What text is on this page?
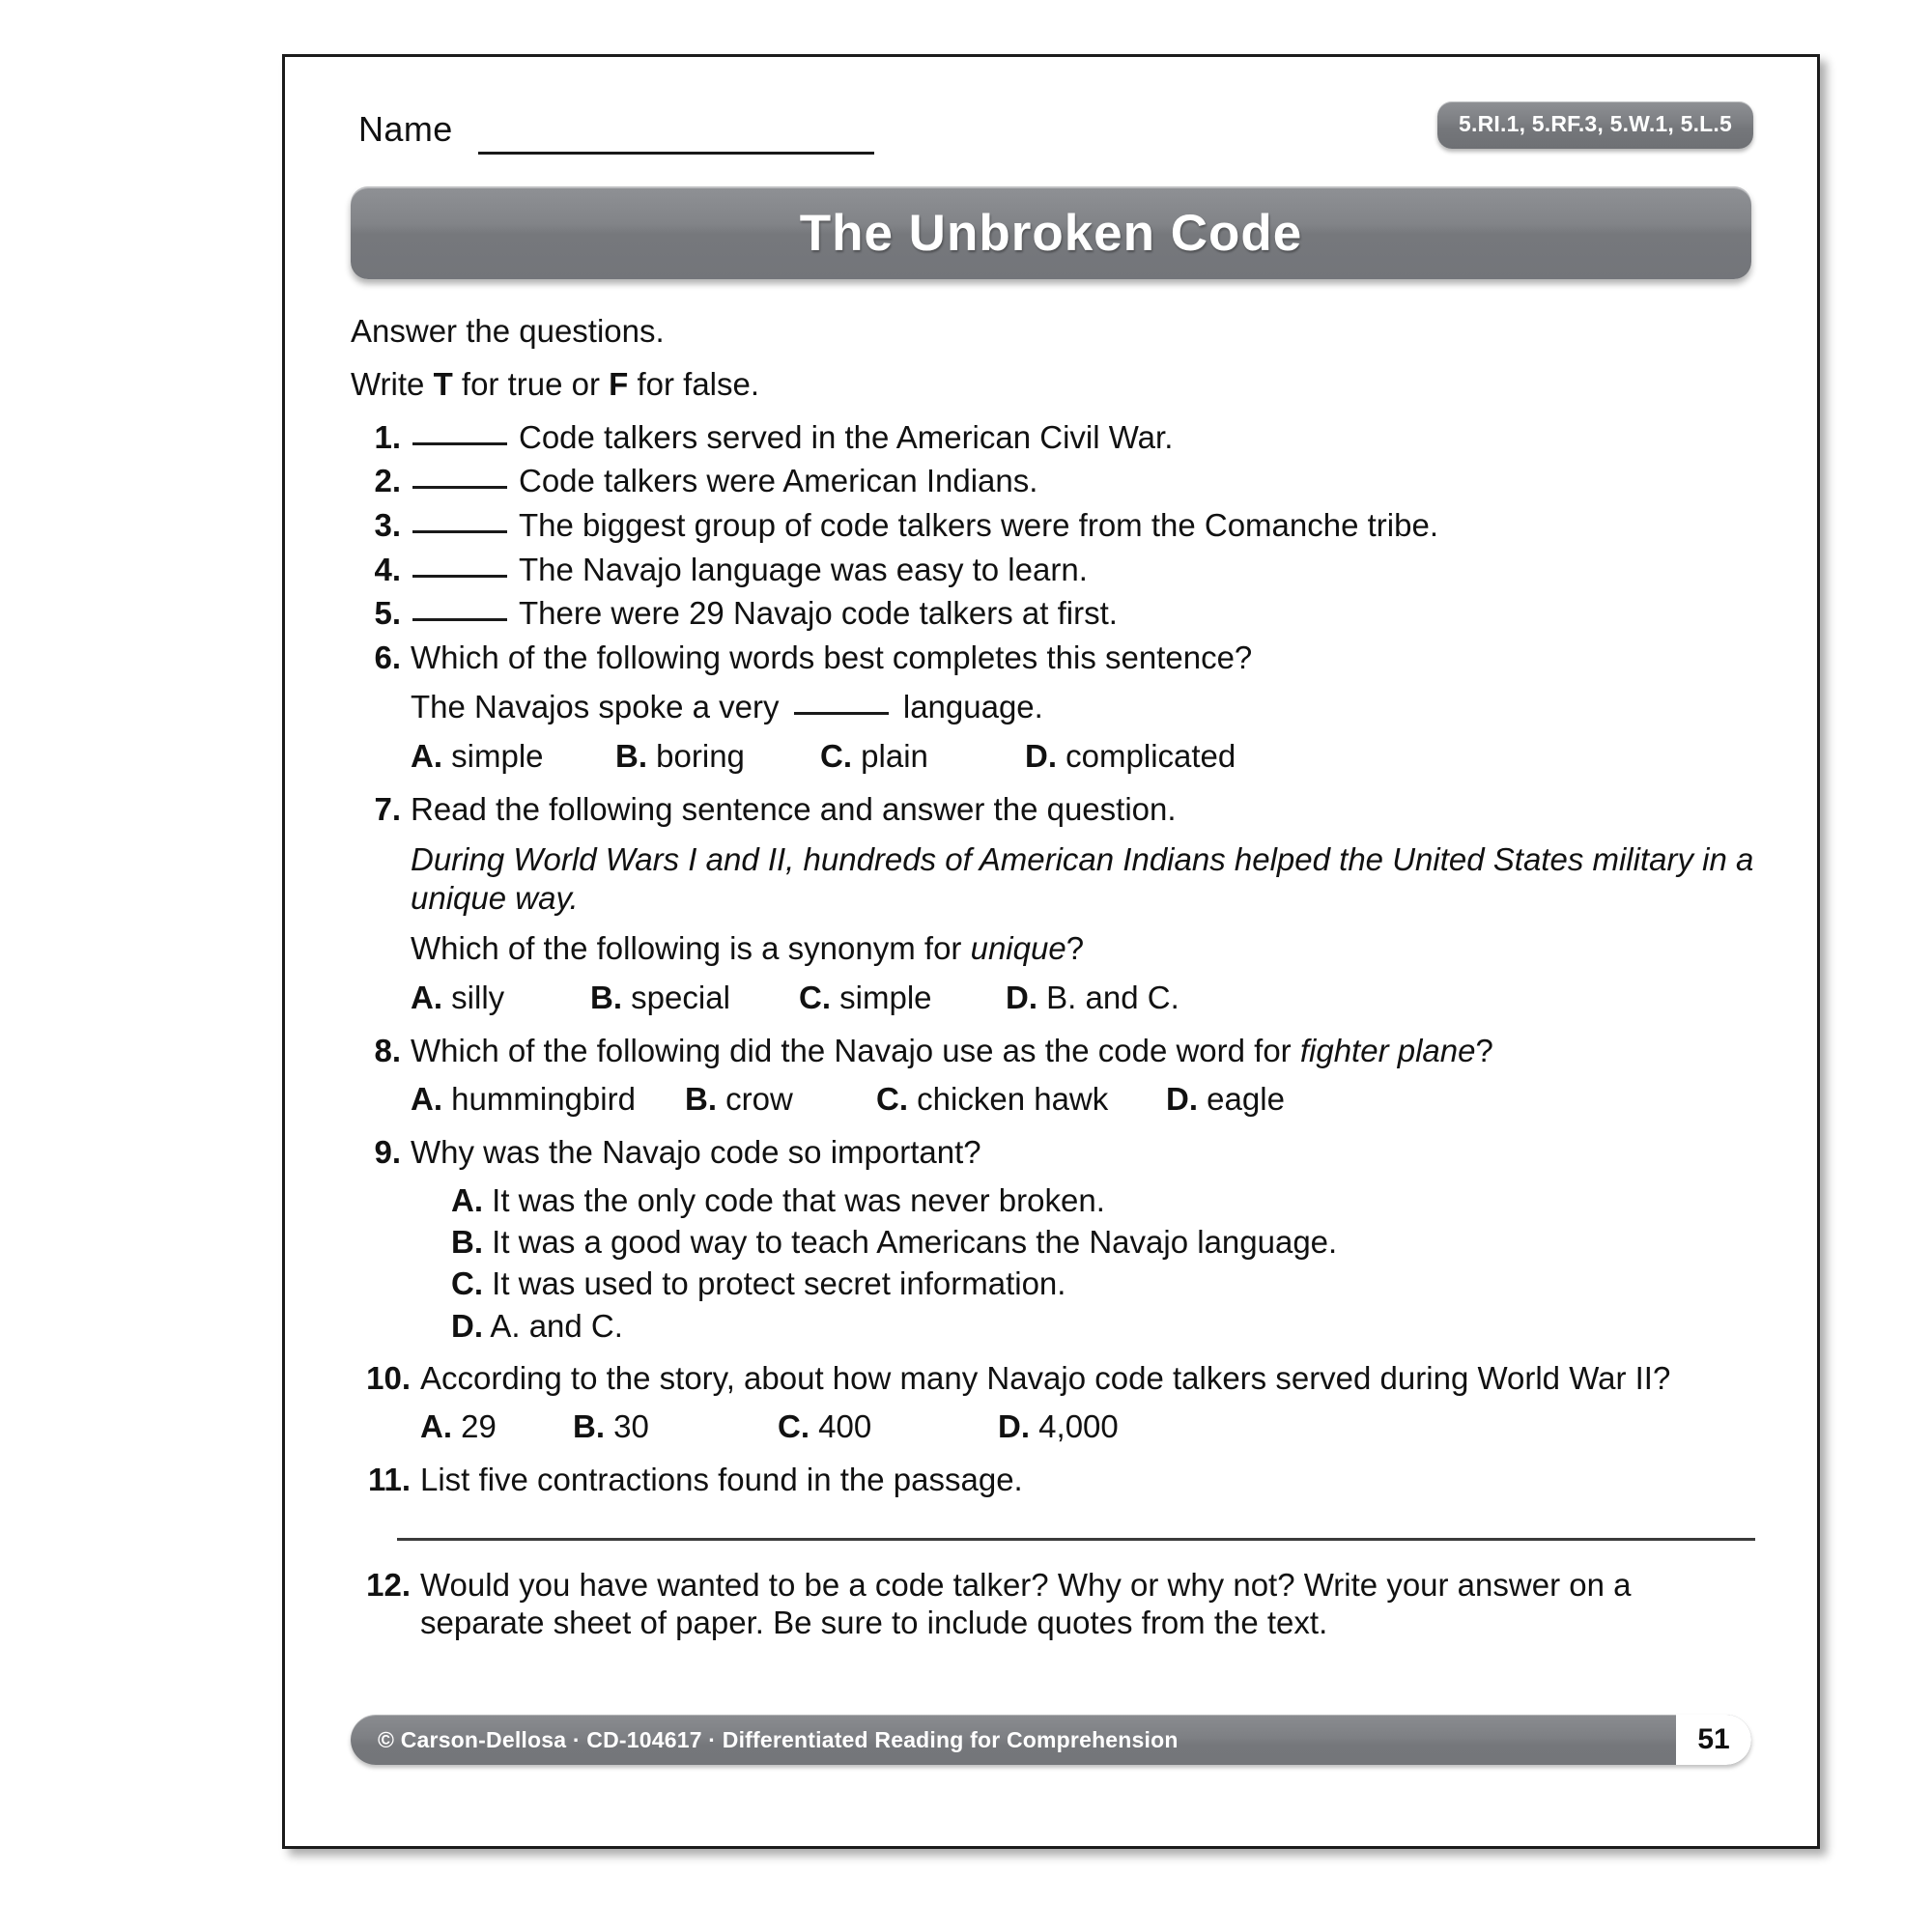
Name	5.RI.1, 5.RF.3, 5.W.1, 5.L.5
The Unbroken Code
Answer the questions.
Write T for true or F for false.
1.	Code talkers served in the American Civil War.
2.	Code talkers were American Indians.
3.	The biggest group of code talkers were from the Comanche tribe.
4.	The Navajo language was easy to learn.
5.	There were 29 Navajo code talkers at first.
6. Which of the following words best completes this sentence?
The Navajos spoke a very	language.
A. simple	B. boring	C. plain	D. complicated
7. Read the following sentence and answer the question.
During World Wars I and II, hundreds of American Indians helped the United States military in a unique way.
Which of the following is a synonym for unique?
A. silly	B. special	C. simple	D. B. and C.
8. Which of the following did the Navajo use as the code word for fighter plane?
A. hummingbird	B. crow	C. chicken hawk	D. eagle
9. Why was the Navajo code so important?
A. It was the only code that was never broken.
B. It was a good way to teach Americans the Navajo language.
C. It was used to protect secret information.
D. A. and C.
10. According to the story, about how many Navajo code talkers served during World War II?
A. 29	B. 30	C. 400	D. 4,000
11. List five contractions found in the passage.
12. Would you have wanted to be a code talker? Why or why not? Write your answer on a separate sheet of paper. Be sure to include quotes from the text.
© Carson-Dellosa · CD-104617 · Differentiated Reading for Comprehension	51
